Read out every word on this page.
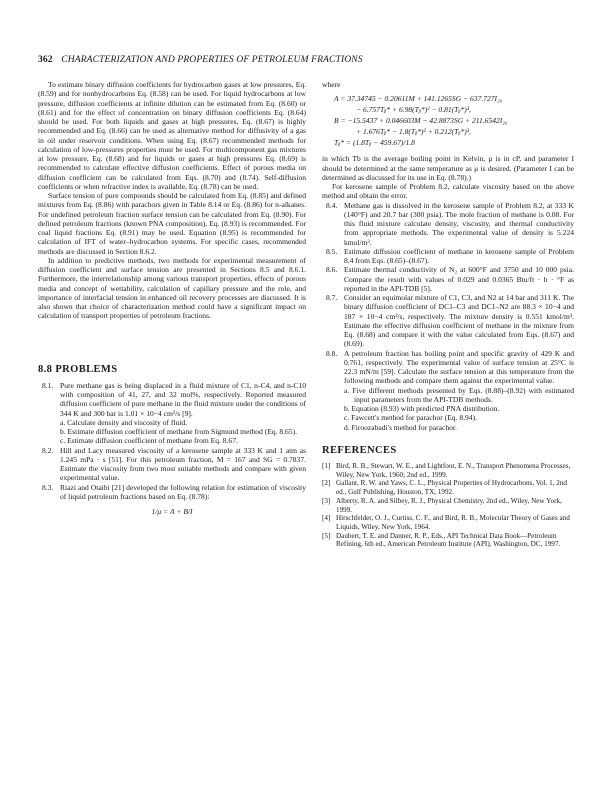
362 CHARACTERIZATION AND PROPERTIES OF PETROLEUM FRACTIONS

To estimate binary diffusion coefficients for hydrocarbon gases at low pressures, Eq. (8.59) and for nonhydrocarbons Eq. (8.58) can be used. For liquid hydrocarbons at low pressure, diffusion coefficients at infinite dilution can be estimated from Eq. (8.60) or (8.61) and for the effect of concentration on binary diffusion coefficients Eq. (8.64) should be used. For both liquids and gases at high pressures, Eq. (8.67) is highly recommended and Eq. (8.66) can be used as alternative method for diffusivity of a gas in oil under reservoir conditions. When using Eq. (8.67) recommended methods for calculation of low-pressures properties must be used. For multicomponent gas mixtures at low pressure, Eq. (8.68) and for liquids or gases at high pressures Eq. (8.69) is recommended to calculate effective diffusion coefficients. Effect of porous media on diffusion coefficient can be calculated from Eqs. (8.70) and (8.74). Self-diffusion coefficients or when refractive index is available, Eq. (8.78) can be used.

Surface tension of pure compounds should be calculated from Eq. (8.85) and defined mixtures from Eq. (8.86) with parachors given in Table 8.14 or Eq. (8.86) for n-alkanes. For undefined petroleum fraction surface tension can be calculated from Eq. (8.90). For defined petroleum fractions (known PNA composition), Eq. (8.93) is recommended. For coal liquid fractions Eq. (8.91) may be used. Equation (8.95) is recommended for calculation of IFT of water–hydrocarbon systems. For specific cases, recommended methods are discussed in Section 8.6.2.

In addition to predictive methods, two methods for experimental measurement of diffusion coefficient and surface tension are presented in Sections 8.5 and 8.6.1. Furthermore, the interrelationship among various transport properties, effects of porous media and concept of wettability, calculation of capillary pressure and the role, and importance of interfacial tension in enhanced oil recovery processes are discussed. It is also shown that choice of characterization method could have a significant impact on calculation of transport properties of petroleum fractions.

8.8 PROBLEMS
8.1. Pure methane gas is being displaced in a fluid mixture of C1, n-C4, and n-C10 with composition of 41, 27, and 32 mol%, respectively. Reported measured diffusion coefficient of pure methane in the fluid mixture under the conditions of 344 K and 300 bar is 1.01 × 10−4 cm²/s [9].

a. Calculate density and viscosity of fluid.

b. Estimate diffusion coefficient of methane from Sigmund method (Eq. 8.65).

c. Estimate diffusion coefficient of methane from Eq. 8.67.

8.2. Hill and Lacy measured viscosity of a kerosene sample at 333 K and 1 atm as 1.245 mPa · s [51]. For this petroleum fraction, M = 167 and SG = 0.7837. Estimate the viscosity from two most suitable methods and compare with given experimental value.

8.3. Riazi and Otaibi [21] developed the following relation for estimation of viscosity of liquid petroleum fractions based on Eq. (8.78):

1/μ = A + B/I

where

A = 37.34745 − 0.20611M + 141.1265SG − 637.727I₂₀
− 6.757Tᵦ* + 6.98(Tᵦ*)² − 0.81(Tᵦ*)³,
B = −15.5437 + 0.046603M − 42.8873SG + 211.6542I₂₀
+ 1.676Tᵦ* − 1.8(Tᵦ*)² + 0.212(Tᵦ*)³,
Tᵦ* = (1.8Tᵦ − 459.67)/1.8

in which Tb is the average boiling point in Kelvin, μ is in cP, and parameter I should be determined at the same temperature as μ is desired. (Parameter I can be determined as discussed for its use in Eq. (8.78).)

For kerosene sample of Problem 8.2, calculate viscosity based on the above method and obtain the error.

8.4. Methane gas is dissolved in the kerosene sample of Problem 8.2, at 333 K (140°F) and 20.7 bar (300 psia). The mole fraction of methane is 0.08. For this fluid mixture calculate density, viscosity, and thermal conductivity from appropriate methods. The experimental value of density is 5.224 kmol/m³.

8.5. Estimate diffusion coefficient of methane in kerosene sample of Problem 8.4 from Eqs. (8.65)–(8.67).

8.6. Estimate thermal conductivity of N₂ at 600°F and 3750 and 10 000 psia. Compare the result with values of 0.029 and 0.0365 Btu/ft · h · °F as reported in the API-TDB [5].

8.7. Consider an equimolar mixture of C1, C3, and N2 at 14 bar and 311 K. The binary diffusion coefficient of DC1–C3 and DC1–N2 are 88.3 × 10−4 and 187 × 10−4 cm²/s, respectively. The mixture density is 0.551 kmol/m³. Estimate the effective diffusion coefficient of methane in the mixture from Eq. (8.68) and compare it with the value calculated from Eqs. (8.67) and (8.69).

8.8. A petroleum fraction has boiling point and specific gravity of 429 K and 0.761, respectively. The experimental value of surface tension at 25°C is 22.3 mN/m [59]. Calculate the surface tension at this temperature from the following methods and compare them against the experimental value.

a. Five different methods presented by Eqs. (8.88)–(8.92) with estimated input parameters from the API-TDB methods.

b. Equation (8.93) with predicted PNA distribution.

c. Fawcett's method for parachor (Eq. 8.94).

d. Firoozabadi's method for parachor.

REFERENCES
[1] Bird, R. B., Stewart, W. E., and Lightfoot, E. N., Transport Phenomena Processes, Wiley, New York, 1960; 2nd ed., 1999.
[2] Gallant, R. W. and Yaws, C. L., Physical Properties of Hydrocarbons, Vol. 1, 2nd ed., Gulf Publishing, Houston, TX, 1992.
[3] Alberty, R. A. and Silbey, R. J., Physical Chemistry, 2nd ed., Wiley, New York, 1999.
[4] Hirschfelder, O. J., Curtiss, C. F., and Bird, R. B., Molecular Theory of Gases and Liquids, Wiley, New York, 1964.
[5] Daubert, T. E. and Danner, R. P., Eds., API Technical Data Book—Petroleum Refining, 6th ed., American Petroleum Institute (API), Washington, DC, 1997.
